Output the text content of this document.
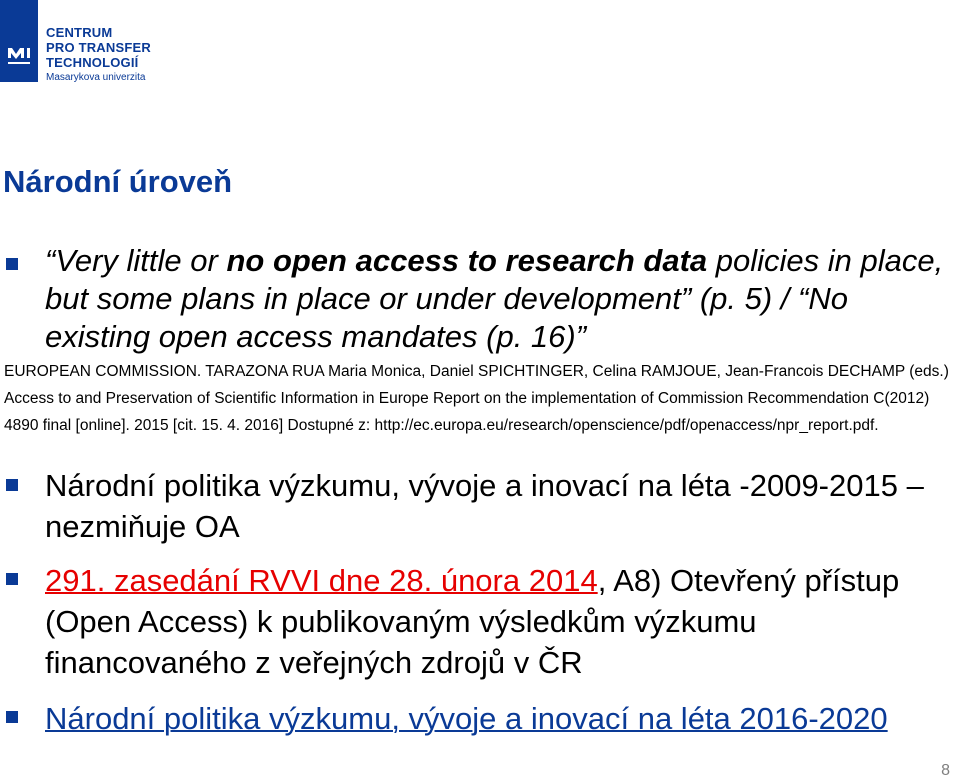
CENTRUM
PRO TRANSFER
TECHNOLOGIÍ
Masarykova univerzita
Národní úroveň

“Very little or no open access to research data policies in place, but some plans in place or under development” (p. 5) / “No existing open access mandates (p. 16)”

EUROPEAN COMMISSION. TARAZONA RUA Maria Monica, Daniel SPICHTINGER, Celina RAMJOUE, Jean-Francois DECHAMP (eds.) Access to and Preservation of Scientific Information in Europe Report on the implementation of Commission Recommendation C(2012) 4890 final [online]. 2015 [cit. 15. 4. 2016] Dostupné z: http://ec.europa.eu/research/openscience/pdf/openaccess/npr_report.pdf.

Národní politika výzkumu, vývoje a inovací na léta -2009-2015 – nezmiňuje OA

291. zasedání RVVI dne 28. února 2014, A8) Otevřený přístup (Open Access) k publikovaným výsledkům výzkumu financovaného z veřejných zdrojů v ČR

Národní politika výzkumu, vývoje a inovací na léta 2016-2020

8
